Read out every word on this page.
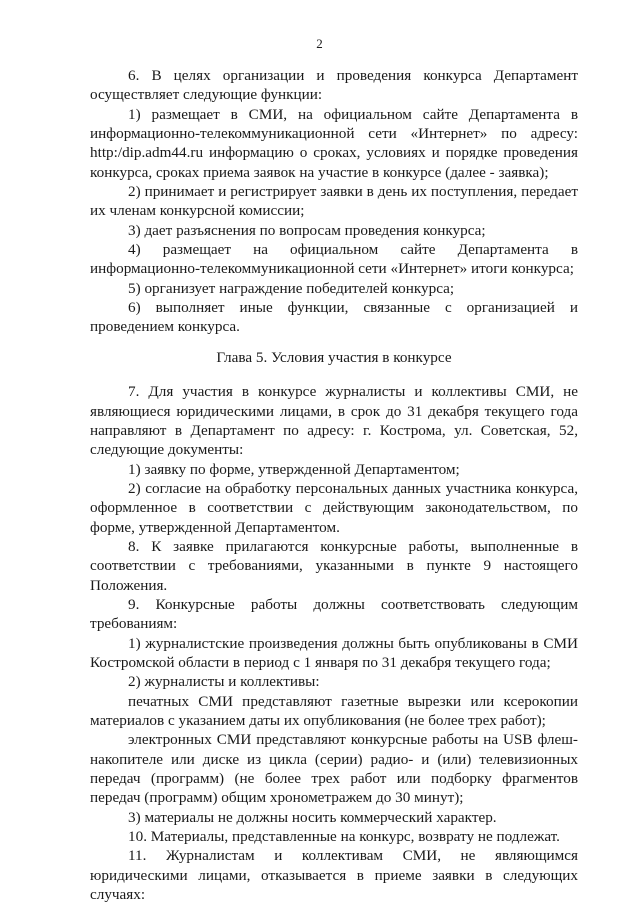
2

6. В целях организации и проведения конкурса Департамент осуществляет следующие функции:

1) размещает в СМИ, на официальном сайте Департамента в информационно-телекоммуникационной сети «Интернет» по адресу: http:/dip.adm44.ru информацию о сроках, условиях и порядке проведения конкурса, сроках приема заявок на участие в конкурсе (далее - заявка);

2) принимает и регистрирует заявки в день их поступления, передает их членам конкурсной комиссии;

3) дает разъяснения по вопросам проведения конкурса;

4) размещает на официальном сайте Департамента в информационно-телекоммуникационной сети «Интернет» итоги конкурса;

5) организует награждение победителей конкурса;

6) выполняет иные функции, связанные с организацией и проведением конкурса.

Глава 5. Условия участия в конкурсе

7. Для участия в конкурсе журналисты и коллективы СМИ, не являющиеся юридическими лицами, в срок до 31 декабря текущего года направляют в Департамент по адресу: г. Кострома, ул. Советская, 52, следующие документы:

1) заявку по форме, утвержденной Департаментом;

2) согласие на обработку персональных данных участника конкурса, оформленное в соответствии с действующим законодательством, по форме, утвержденной Департаментом.

8. К заявке прилагаются конкурсные работы, выполненные в соответствии с требованиями, указанными в пункте 9 настоящего Положения.

9. Конкурсные работы должны соответствовать следующим требованиям:

1) журналистские произведения должны быть опубликованы в СМИ Костромской области в период с 1 января по 31 декабря текущего года;

2) журналисты и коллективы:

печатных СМИ представляют газетные вырезки или ксерокопии материалов с указанием даты их опубликования (не более трех работ);

электронных СМИ представляют конкурсные работы на USB флеш-накопителе или диске из цикла (серии) радио- и (или) телевизионных передач (программ) (не более трех работ или подборку фрагментов передач (программ) общим хронометражем до 30 минут);

3) материалы не должны носить коммерческий характер.

10. Материалы, представленные на конкурс, возврату не подлежат.

11. Журналистам и коллективам СМИ, не являющимся юридическими лицами, отказывается в приеме заявки в следующих случаях:
